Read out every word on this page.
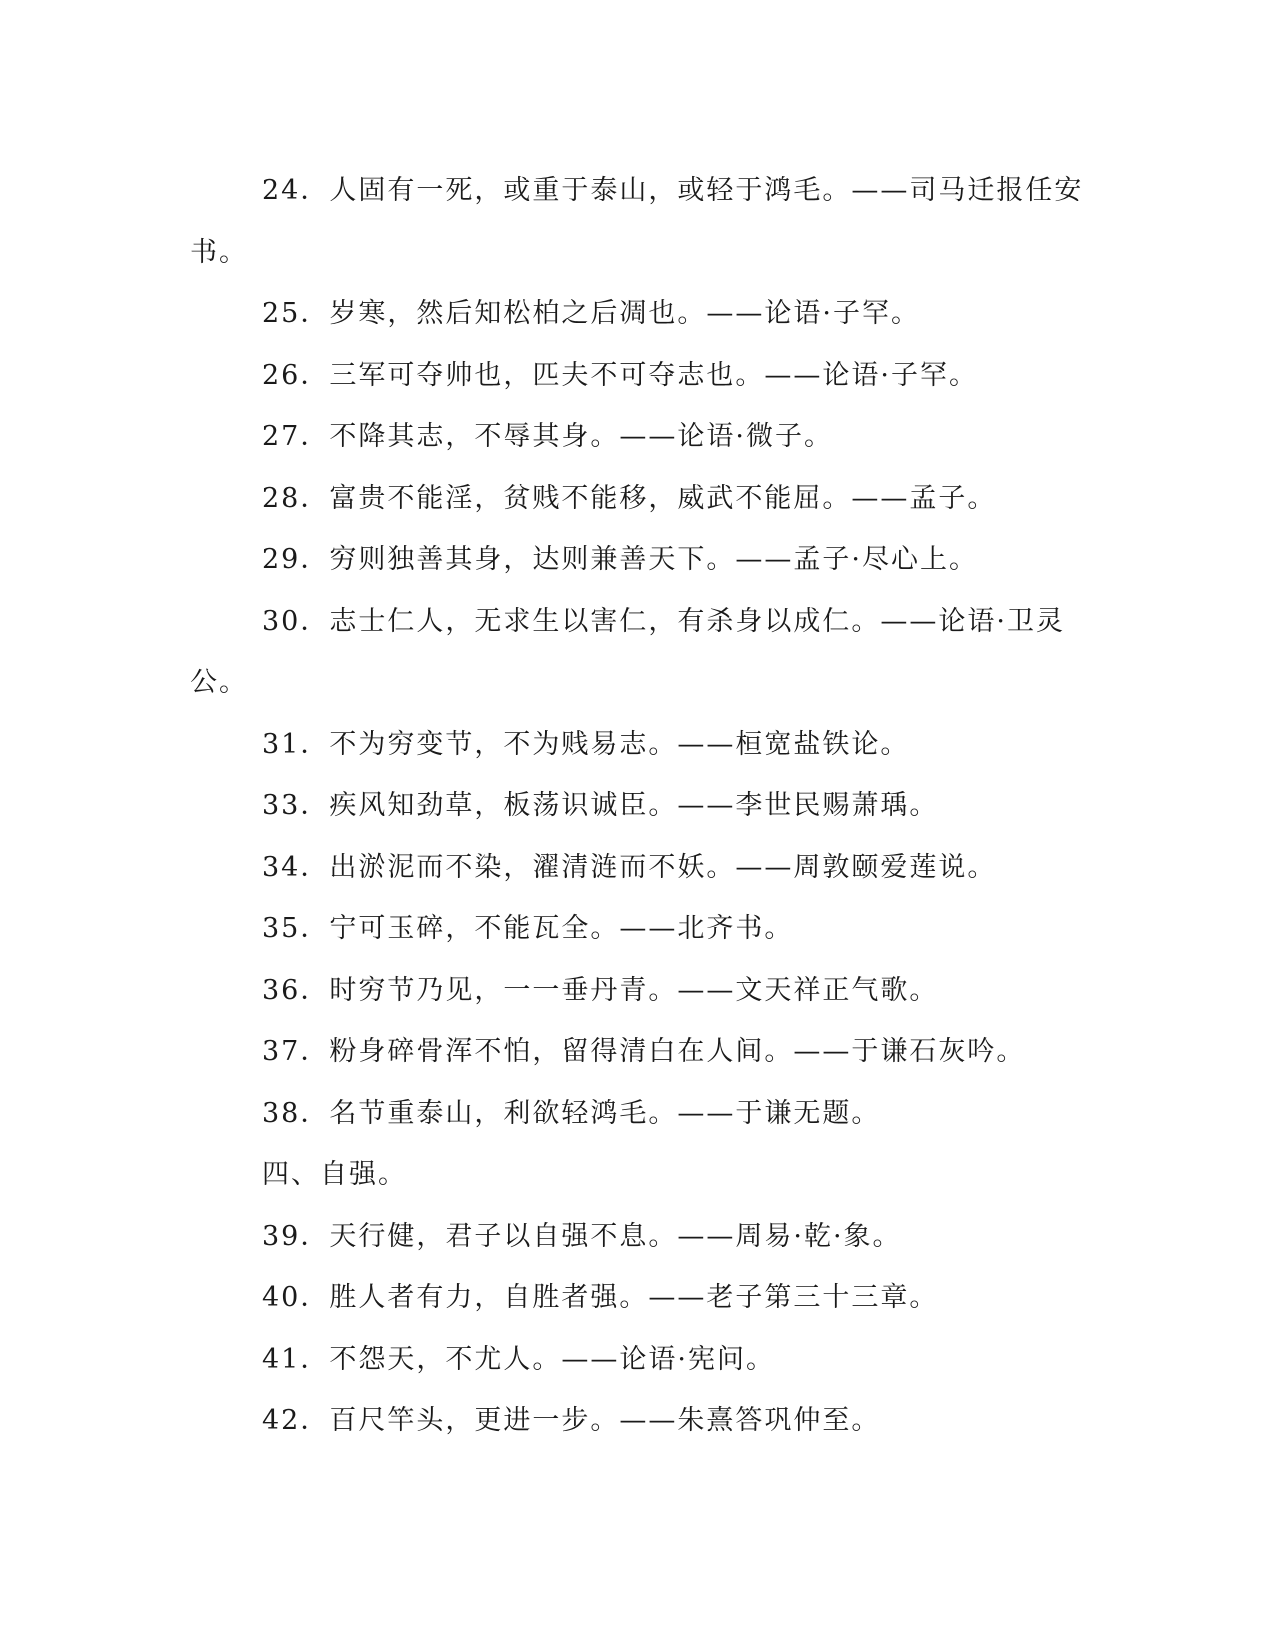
24．人固有一死，或重于泰山，或轻于鸿毛。——司马迁报任安
书。
25．岁寒，然后知松柏之后凋也。——论语·子罕。
26．三军可夺帅也，匹夫不可夺志也。——论语·子罕。
27．不降其志，不辱其身。——论语·微子。
28．富贵不能淫，贫贱不能移，威武不能屈。——孟子。
29．穷则独善其身，达则兼善天下。——孟子·尽心上。
30．志士仁人，无求生以害仁，有杀身以成仁。——论语·卫灵
公。
31．不为穷变节，不为贱易志。——桓宽盐铁论。
33．疾风知劲草，板荡识诚臣。——李世民赐萧瑀。
34．出淤泥而不染，濯清涟而不妖。——周敦颐爱莲说。
35．宁可玉碎，不能瓦全。——北齐书。
36．时穷节乃见，一一垂丹青。——文天祥正气歌。
37．粉身碎骨浑不怕，留得清白在人间。——于谦石灰吟。
38．名节重泰山，利欲轻鸿毛。——于谦无题。
四、自强。
39．天行健，君子以自强不息。——周易·乾·象。
40．胜人者有力，自胜者强。——老子第三十三章。
41．不怨天，不尤人。——论语·宪问。
42．百尺竿头，更进一步。——朱熹答巩仲至。
